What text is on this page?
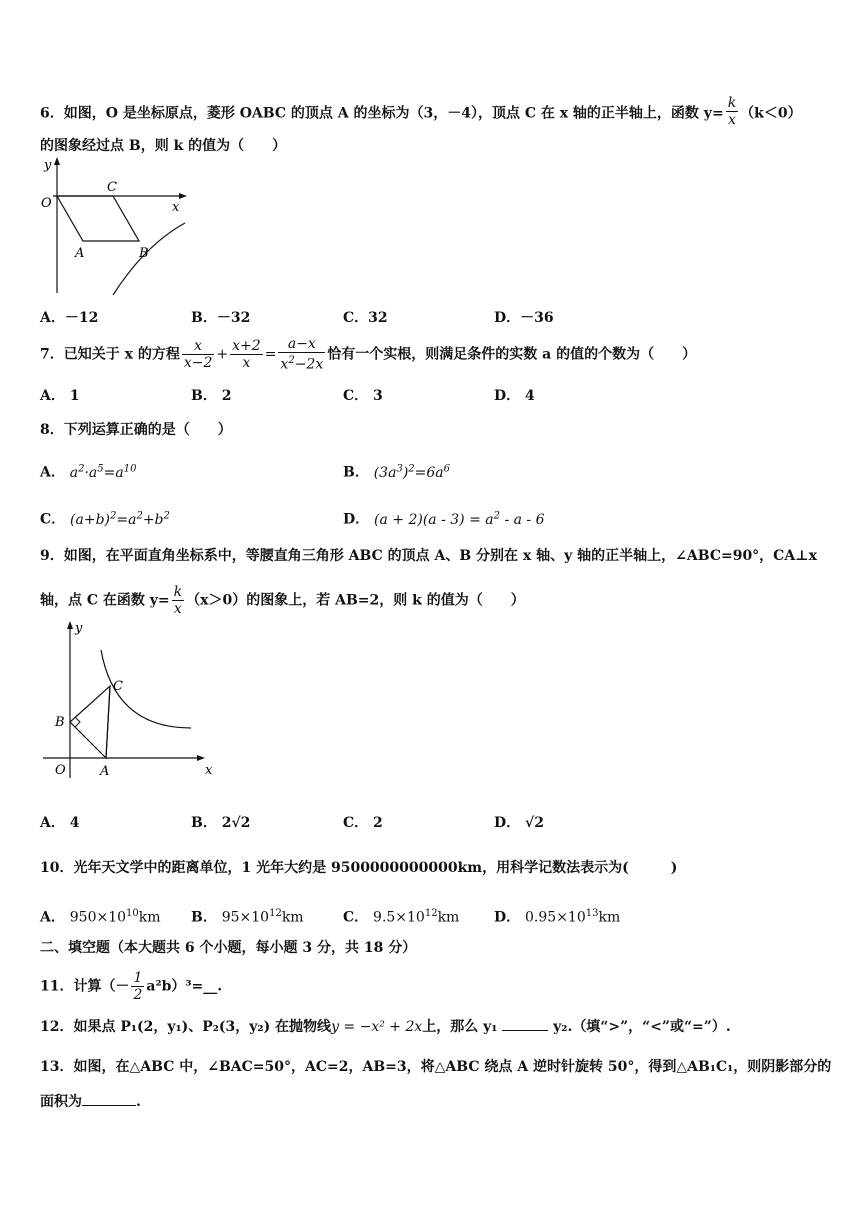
6．如图，O 是坐标原点，菱形 OABC 的顶点 A 的坐标为（3，－4），顶点 C 在 x 轴的正半轴上，函数 $y= \frac{k}{x} (k<0)$
的图象经过点 B，则 k 的值为（　　）
y
x
O
C
A	B
A．－12	B．－32	C．32	D．－36
7．已知关于 x 的方程 $\frac{x}{x-2} + \frac{x+2}{x} = \frac{a-x}{x^2-2x}$ 恰有一个实根，则满足条件的实数 a 的值的个数为（　　）
A． 1	B． 2	C． 3	D． 4
8．下列运算正确的是（　　）
A． $a^2\cdot a^5=a^{10}$	B． $(3a^3)^2=6a^6$
C． $(a+b)^2=a^2+b^2$	D． $(a + 2)(a - 3) = a^2 - a - 6$
9．如图，在平面直角坐标系中，等腰直角三角形 ABC 的顶点 A、B 分别在 x 轴、y 轴的正半轴上，∠ABC=90°，CA⊥x
轴，点 C 在函数 $y= \frac{k}{x} (x>0)$的图象上，若 AB=2，则 k 的值为（　　）
y
x
O	A
B
C
A． 4	B． 2√2	C． 2	D． √2
10．光年天文学中的距离单位，1 光年大约是 9500000000000km，用科学记数法表示为(　　　)
A． $950\times 10^{10}km$ B． $95\times 10^{12}km$	C． $9.5\times 10^{12}km$ D． $0.95\times 10^{13}km$
二、填空题（本大题共 6 个小题，每小题 3 分，共 18 分）
11．计算（－ $\frac{1}{2}$ a²b）³=__.
12．如果点 P₁(2，y₁)、P₂(3，y₂) 在抛物线y = −x² + 2x上，那么 y₁	y₂.（填“>”，“<”或“=”）.
13．如图，在△ABC 中，∠BAC=50°，AC=2，AB=3，将△ABC 绕点 A 逆时针旋转 50°，得到△AB₁C₁，则阴影部分的
面积为	.
